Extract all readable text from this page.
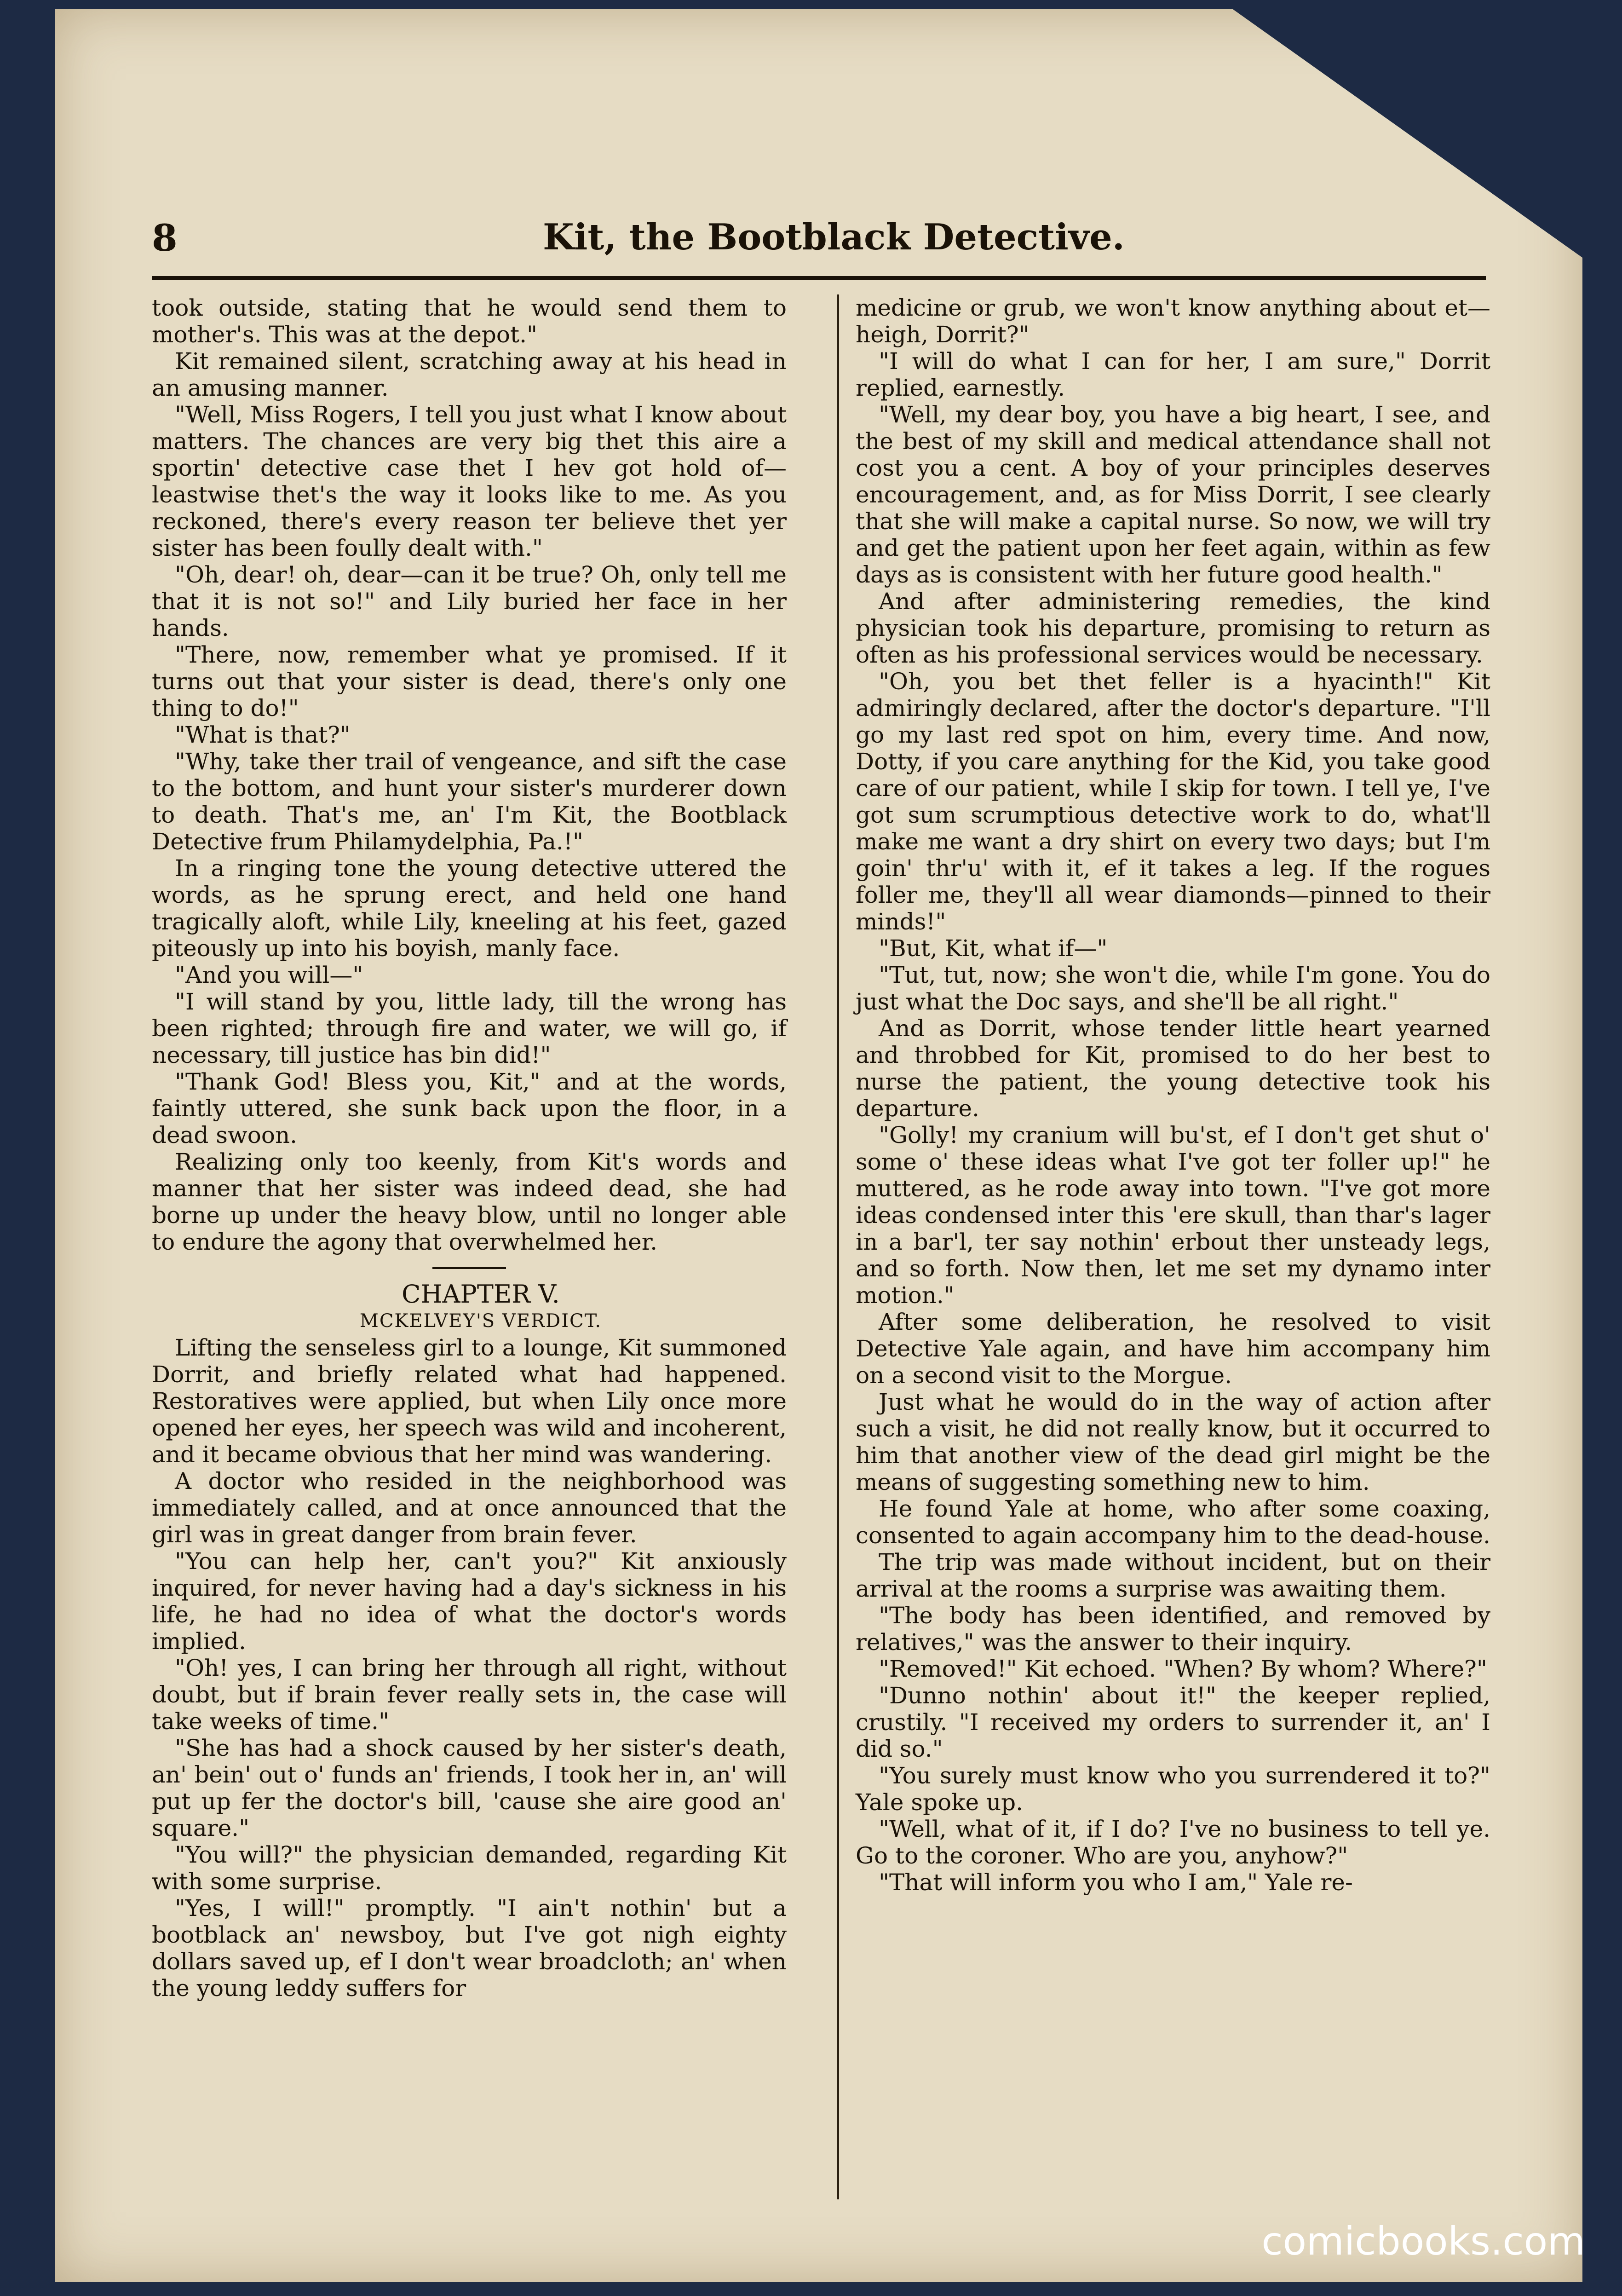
8	Kit, the Bootblack Detective.

took outside, stating that he would send them to mother's. This was at the depot."

Kit remained silent, scratching away at his head in an amusing manner.

"Well, Miss Rogers, I tell you just what I know about matters. The chances are very big thet this aire a sportin' detective case thet I hev got hold of—leastwise thet's the way it looks like to me. As you reckoned, there's every reason ter believe thet yer sister has been foully dealt with."

"Oh, dear! oh, dear—can it be true? Oh, only tell me that it is not so!" and Lily buried her face in her hands.

"There, now, remember what ye promised. If it turns out that your sister is dead, there's only one thing to do!"

"What is that?"

"Why, take ther trail of vengeance, and sift the case to the bottom, and hunt your sister's murderer down to death. That's me, an' I'm Kit, the Bootblack Detective frum Philamydelphia, Pa.!"

In a ringing tone the young detective uttered the words, as he sprung erect, and held one hand tragically aloft, while Lily, kneeling at his feet, gazed piteously up into his boyish, manly face.

"And you will—"

"I will stand by you, little lady, till the wrong has been righted; through fire and water, we will go, if necessary, till justice has bin did!"

"Thank God! Bless you, Kit," and at the words, faintly uttered, she sunk back upon the floor, in a dead swoon.

Realizing only too keenly, from Kit's words and manner that her sister was indeed dead, she had borne up under the heavy blow, until no longer able to endure the agony that overwhelmed her.

CHAPTER V.

MCKELVEY'S VERDICT.

Lifting the senseless girl to a lounge, Kit summoned Dorrit, and briefly related what had happened. Restoratives were applied, but when Lily once more opened her eyes, her speech was wild and incoherent, and it became obvious that her mind was wandering.

A doctor who resided in the neighborhood was immediately called, and at once announced that the girl was in great danger from brain fever.

"You can help her, can't you?" Kit anxiously inquired, for never having had a day's sickness in his life, he had no idea of what the doctor's words implied.

"Oh! yes, I can bring her through all right, without doubt, but if brain fever really sets in, the case will take weeks of time."

"She has had a shock caused by her sister's death, an' bein' out o' funds an' friends, I took her in, an' will put up fer the doctor's bill, 'cause she aire good an' square."

"You will?" the physician demanded, regarding Kit with some surprise.

"Yes, I will!" promptly. "I ain't nothin' but a bootblack an' newsboy, but I've got nigh eighty dollars saved up, ef I don't wear broadcloth; an' when the young leddy suffers for

medicine or grub, we won't know anything about et—heigh, Dorrit?"

"I will do what I can for her, I am sure," Dorrit replied, earnestly.

"Well, my dear boy, you have a big heart, I see, and the best of my skill and medical attendance shall not cost you a cent. A boy of your principles deserves encouragement, and, as for Miss Dorrit, I see clearly that she will make a capital nurse. So now, we will try and get the patient upon her feet again, within as few days as is consistent with her future good health."

And after administering remedies, the kind physician took his departure, promising to return as often as his professional services would be necessary.

"Oh, you bet thet feller is a hyacinth!" Kit admiringly declared, after the doctor's departure. "I'll go my last red spot on him, every time. And now, Dotty, if you care anything for the Kid, you take good care of our patient, while I skip for town. I tell ye, I've got sum scrumptious detective work to do, what'll make me want a dry shirt on every two days; but I'm goin' thr'u' with it, ef it takes a leg. If the rogues foller me, they'll all wear diamonds—pinned to their minds!"

"But, Kit, what if—"

"Tut, tut, now; she won't die, while I'm gone. You do just what the Doc says, and she'll be all right."

And as Dorrit, whose tender little heart yearned and throbbed for Kit, promised to do her best to nurse the patient, the young detective took his departure.

"Golly! my cranium will bu'st, ef I don't get shut o' some o' these ideas what I've got ter foller up!" he muttered, as he rode away into town. "I've got more ideas condensed inter this 'ere skull, than thar's lager in a bar'l, ter say nothin' erbout ther unsteady legs, and so forth. Now then, let me set my dynamo inter motion."

After some deliberation, he resolved to visit Detective Yale again, and have him accompany him on a second visit to the Morgue.

Just what he would do in the way of action after such a visit, he did not really know, but it occurred to him that another view of the dead girl might be the means of suggesting something new to him.

He found Yale at home, who after some coaxing, consented to again accompany him to the dead-house.

The trip was made without incident, but on their arrival at the rooms a surprise was awaiting them.

"The body has been identified, and removed by relatives," was the answer to their inquiry.

"Removed!" Kit echoed. "When? By whom? Where?"

"Dunno nothin' about it!" the keeper replied, crustily. "I received my orders to surrender it, an' I did so."

"You surely must know who you surrendered it to?" Yale spoke up.

"Well, what of it, if I do? I've no business to tell ye. Go to the coroner. Who are you, anyhow?"

"That will inform you who I am," Yale re-

comicbooks.com
